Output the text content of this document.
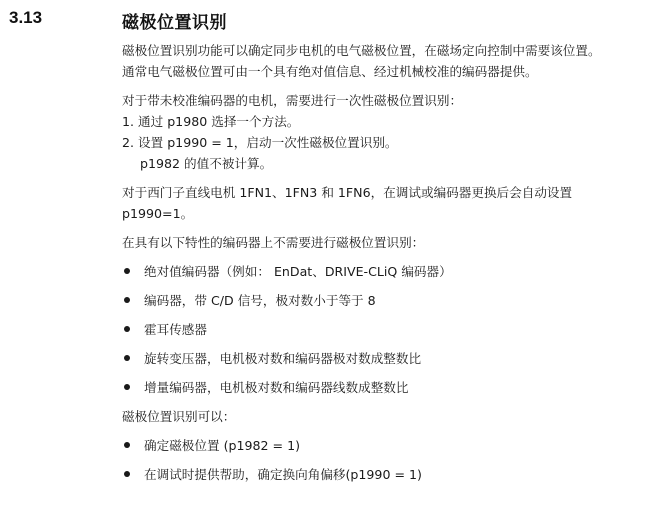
3.13	磁极位置识别

磁极位置识别功能可以确定同步电机的电气磁极位置，在磁场定向控制中需要该位置。

通常电气磁极位置可由一个具有绝对值信息、经过机械校准的编码器提供。

对于带未校准编码器的电机，需要进行一次性磁极位置识别：

1. 通过 p1980 选择一个方法。

2. 设置 p1990 = 1，启动一次性磁极位置识别。

p1982 的值不被计算。

对于西门子直线电机 1FN1、1FN3 和 1FN6，在调试或编码器更换后会自动设置

p1990=1。

在具有以下特性的编码器上不需要进行磁极位置识别：

绝对值编码器（例如： EnDat、DRIVE-CLiQ 编码器）
编码器，带 C/D 信号，极对数小于等于 8
霍耳传感器
旋转变压器，电机极对数和编码器极对数成整数比
增量编码器，电机极对数和编码器线数成整数比

磁极位置识别可以：

确定磁极位置 (p1982 = 1)
在调试时提供帮助，确定换向角偏移(p1990 = 1)
